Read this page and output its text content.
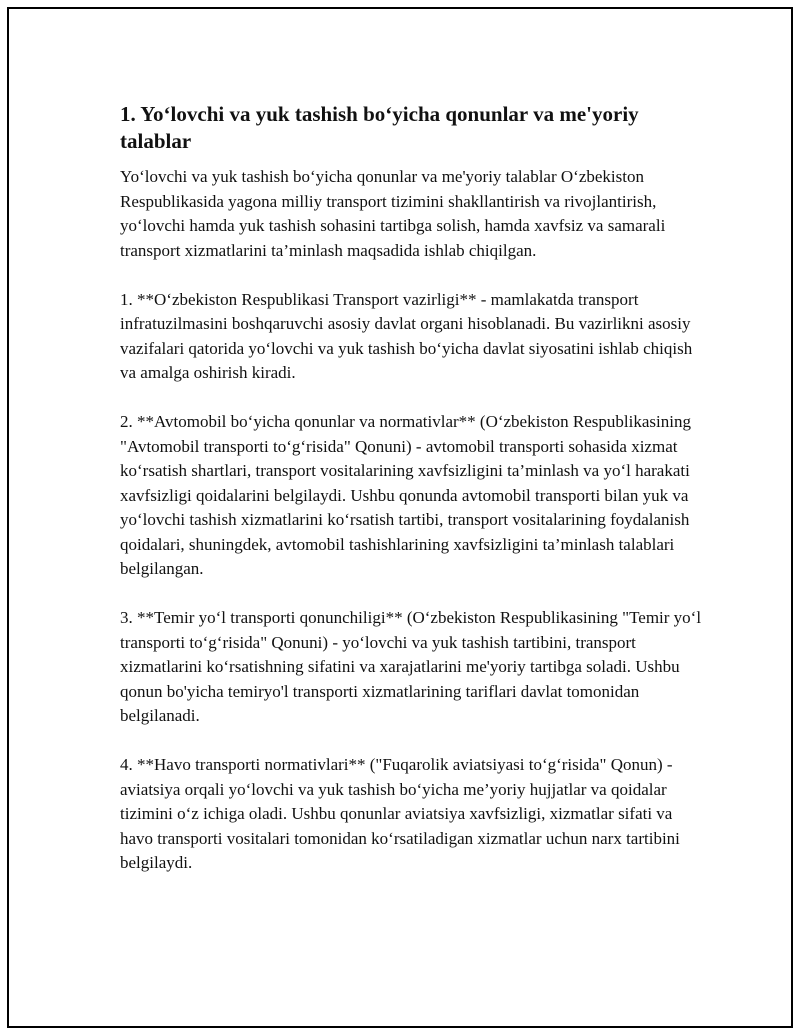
1. Yo‘lovchi va yuk tashish bo‘yicha qonunlar va me'yoriy talablar

Yo‘lovchi va yuk tashish bo‘yicha qonunlar va me'yoriy talablar O‘zbekiston Respublikasida yagona milliy transport tizimini shakllantirish va rivojlantirish, yo‘lovchi hamda yuk tashish sohasini tartibga solish, hamda xavfsiz va samarali transport xizmatlarini ta’minlash maqsadida ishlab chiqilgan.

1. **O‘zbekiston Respublikasi Transport vazirligi** - mamlakatda transport infratuzilmasini boshqaruvchi asosiy davlat organi hisoblanadi. Bu vazirlikni asosiy vazifalari qatorida yo‘lovchi va yuk tashish bo‘yicha davlat siyosatini ishlab chiqish va amalga oshirish kiradi.

2. **Avtomobil bo‘yicha qonunlar va normativlar** (O‘zbekiston Respublikasining "Avtomobil transporti to‘g‘risida" Qonuni) - avtomobil transporti sohasida xizmat ko‘rsatish shartlari, transport vositalarining xavfsizligini ta’minlash va yo‘l harakati xavfsizligi qoidalarini belgilaydi. Ushbu qonunda avtomobil transporti bilan yuk va yo‘lovchi tashish xizmatlarini ko‘rsatish tartibi, transport vositalarining foydalanish qoidalari, shuningdek, avtomobil tashishlarining xavfsizligini ta’minlash talablari belgilangan.

3. **Temir yo‘l transporti qonunchiligi** (O‘zbekiston Respublikasining "Temir yo‘l transporti to‘g‘risida" Qonuni) - yo‘lovchi va yuk tashish tartibini, transport xizmatlarini ko‘rsatishning sifatini va xarajatlarini me'yoriy tartibga soladi. Ushbu qonun bo'yicha temiryo'l transporti xizmatlarining tariflari davlat tomonidan belgilanadi.

4. **Havo transporti normativlari** ("Fuqarolik aviatsiyasi to‘g‘risida" Qonun) - aviatsiya orqali yo‘lovchi va yuk tashish bo‘yicha me’yoriy hujjatlar va qoidalar tizimini o‘z ichiga oladi. Ushbu qonunlar aviatsiya xavfsizligi, xizmatlar sifati va havo transporti vositalari tomonidan ko‘rsatiladigan xizmatlar uchun narx tartibini belgilaydi.
